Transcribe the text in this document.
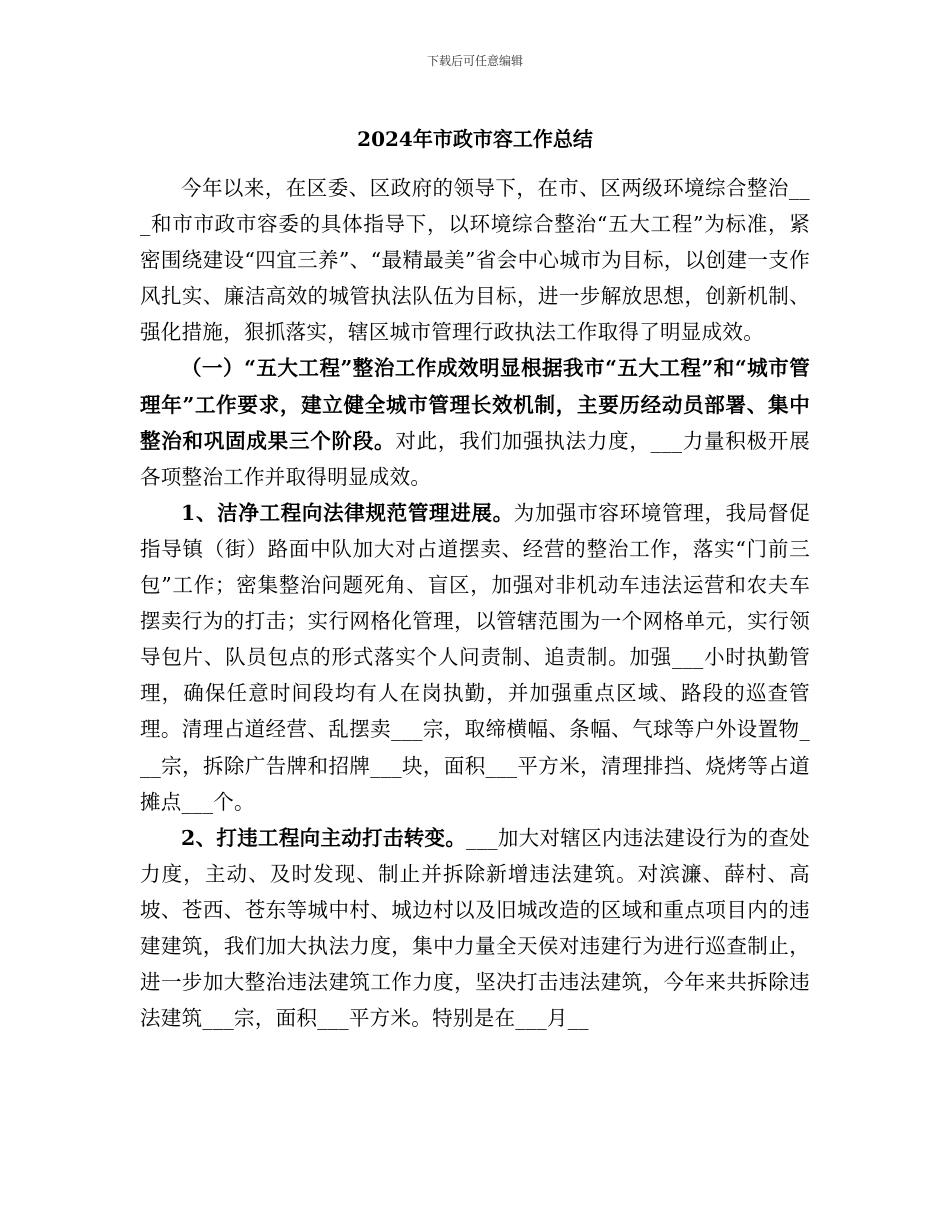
下载后可任意编辑
2024年市政市容工作总结

今年以来，在区委、区政府的领导下，在市、区两级环境综合整治___和市市政市容委的具体指导下，以环境综合整治“五大工程”为标准，紧密围绕建设“四宜三养”、“最精最美”省会中心城市为目标，以创建一支作风扎实、廉洁高效的城管执法队伍为目标，进一步解放思想，创新机制、强化措施，狠抓落实，辖区城市管理行政执法工作取得了明显成效。

（一）“五大工程”整治工作成效明显根据我市“五大工程”和“城市管理年”工作要求，建立健全城市管理长效机制，主要历经动员部署、集中整治和巩固成果三个阶段。对此，我们加强执法力度，___力量积极开展各项整治工作并取得明显成效。

1、洁净工程向法律规范管理进展。为加强市容环境管理，我局督促指导镇（街）路面中队加大对占道摆卖、经营的整治工作，落实“门前三包”工作；密集整治问题死角、盲区，加强对非机动车违法运营和农夫车摆卖行为的打击；实行网格化管理，以管辖范围为一个网格单元，实行领导包片、队员包点的形式落实个人问责制、追责制。加强___小时执勤管理，确保任意时间段均有人在岗执勤，并加强重点区域、路段的巡查管理。清理占道经营、乱摆卖___宗，取缔横幅、条幅、气球等户外设置物___宗，拆除广告牌和招牌___块，面积___平方米，清理排挡、烧烤等占道摊点___个。

2、打违工程向主动打击转变。___加大对辖区内违法建设行为的查处力度，主动、及时发现、制止并拆除新增违法建筑。对滨濂、薛村、高坡、苍西、苍东等城中村、城边村以及旧城改造的区域和重点项目内的违建建筑，我们加大执法力度，集中力量全天侯对违建行为进行巡查制止，进一步加大整治违法建筑工作力度，坚决打击违法建筑，今年来共拆除违法建筑___宗，面积___平方米。特别是在___月__
